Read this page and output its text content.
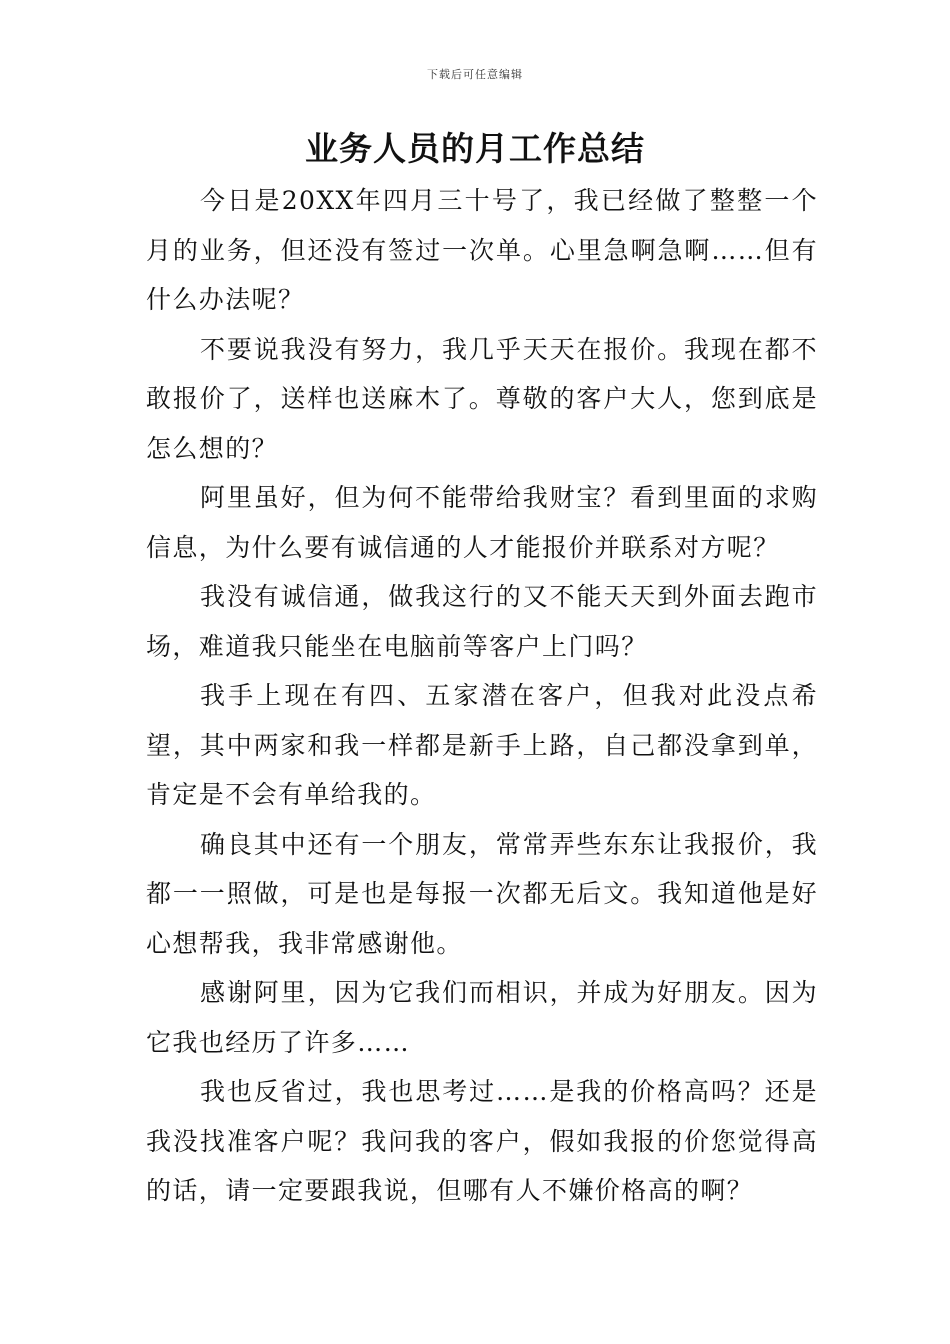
下载后可任意编辑
业务人员的月工作总结

今日是20XX年四月三十号了，我已经做了整整一个月的业务，但还没有签过一次单。心里急啊急啊……但有什么办法呢？

不要说我没有努力，我几乎天天在报价。我现在都不敢报价了，送样也送麻木了。尊敬的客户大人，您到底是怎么想的？

阿里虽好，但为何不能带给我财宝？看到里面的求购信息，为什么要有诚信通的人才能报价并联系对方呢？

我没有诚信通，做我这行的又不能天天到外面去跑市场，难道我只能坐在电脑前等客户上门吗？

我手上现在有四、五家潜在客户，但我对此没点希望，其中两家和我一样都是新手上路，自己都没拿到单，肯定是不会有单给我的。

确良其中还有一个朋友，常常弄些东东让我报价，我都一一照做，可是也是每报一次都无后文。我知道他是好心想帮我，我非常感谢他。

感谢阿里，因为它我们而相识，并成为好朋友。因为它我也经历了许多……

我也反省过，我也思考过……是我的价格高吗？还是我没找准客户呢？我问我的客户，假如我报的价您觉得高的话，请一定要跟我说，但哪有人不嫌价格高的啊？
